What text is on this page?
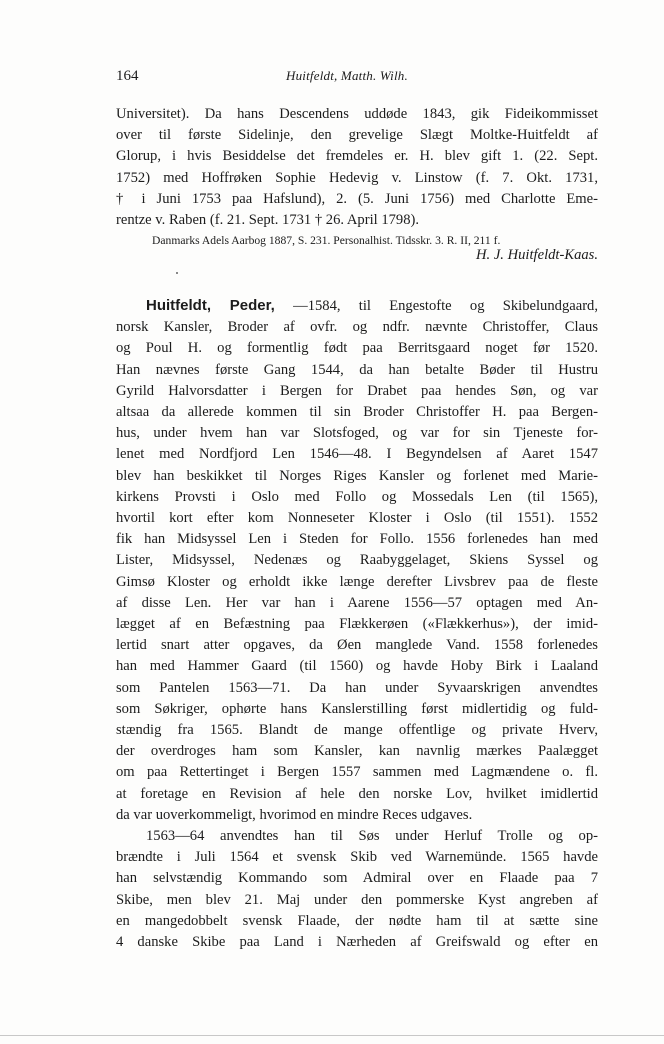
164	Huitfeldt, Matth. Wilh.
Universitet). Da hans Descendens uddøde 1843, gik Fideikommisset
over til første Sidelinje, den grevelige Slægt Moltke-Huitfeldt af
Glorup, i hvis Besiddelse det fremdeles er. H. blev gift 1. (22. Sept.
1752) med Hoffrøken Sophie Hedevig v. Linstow (f. 7. Okt. 1731,
† i Juni 1753 paa Hafslund), 2. (5. Juni 1756) med Charlotte Eme-
rentze v. Raben (f. 21. Sept. 1731 † 26. April 1798).
Danmarks Adels Aarbog 1887, S. 231. Personalhist. Tidsskr. 3. R. II, 211 f.
H. J. Huitfeldt-Kaas.
Huitfeldt, Peder, —1584, til Engestofte og Skibelundgaard,
norsk Kansler, Broder af ovfr. og ndfr. nævnte Christoffer, Claus
og Poul H. og formentlig født paa Berritsgaard noget før 1520.
Han nævnes første Gang 1544, da han betalte Bøder til Hustru
Gyrild Halvorsdatter i Bergen for Drabet paa hendes Søn, og var
altsaa da allerede kommen til sin Broder Christoffer H. paa Bergen-
hus, under hvem han var Slotsfoged, og var for sin Tjeneste for-
lenet med Nordfjord Len 1546—48. I Begyndelsen af Aaret 1547
blev han beskikket til Norges Riges Kansler og forlenet med Marie-
kirkens Provsti i Oslo med Follo og Mossedals Len (til 1565),
hvortil kort efter kom Nonneseter Kloster i Oslo (til 1551). 1552
fik han Midsyssel Len i Steden for Follo. 1556 forlenedes han med
Lister, Midsyssel, Nedenæs og Raabyggelaget, Skiens Syssel og
Gimsø Kloster og erholdt ikke længe derefter Livsbrev paa de fleste
af disse Len. Her var han i Aarene 1556—57 optagen med An-
lægget af en Befæstning paa Flækkerøen («Flækkerhus»), der imid-
lertid snart atter opgaves, da Øen manglede Vand. 1558 forlenedes
han med Hammer Gaard (til 1560) og havde Hoby Birk i Laaland
som Pantelen 1563—71. Da han under Syvaarskrigen anvendtes
som Søkriger, ophørte hans Kanslerstilling først midlertidig og fuld-
stændig fra 1565. Blandt de mange offentlige og private Hverv,
der overdroges ham som Kansler, kan navnlig mærkes Paalægget
om paa Rettertinget i Bergen 1557 sammen med Lagmændene o. fl.
at foretage en Revision af hele den norske Lov, hvilket imidlertid
da var uoverkommeligt, hvorimod en mindre Reces udgaves.
1563—64 anvendtes han til Søs under Herluf Trolle og op-
brændte i Juli 1564 et svensk Skib ved Warnemünde. 1565 havde
han selvstændig Kommando som Admiral over en Flaade paa 7
Skibe, men blev 21. Maj under den pommerske Kyst angreben af
en mangedobbelt svensk Flaade, der nødte ham til at sætte sine
4 danske Skibe paa Land i Nærheden af Greifswald og efter en
